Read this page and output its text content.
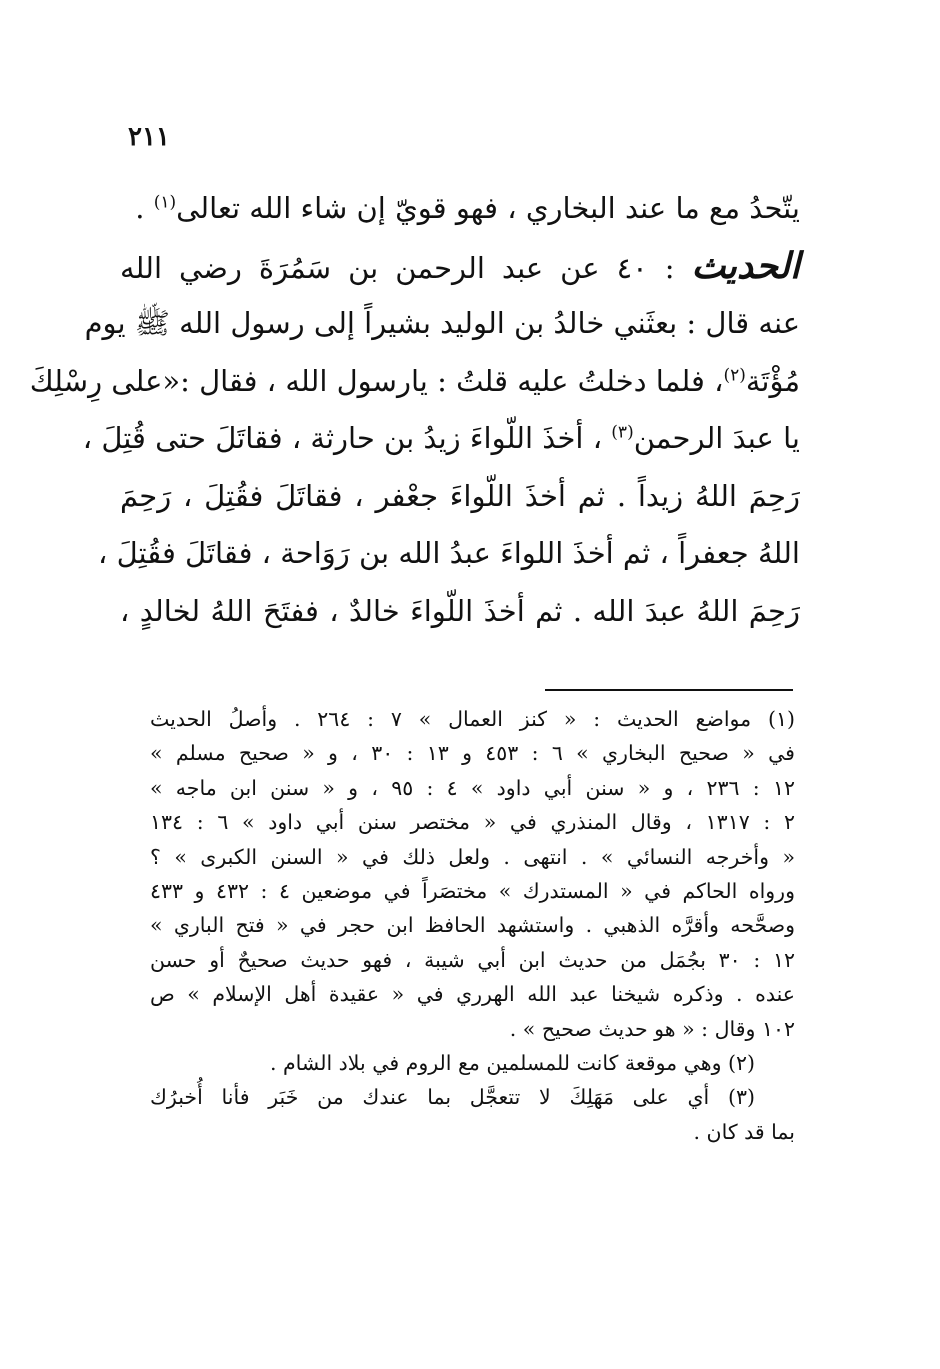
٢١١
يتّحدُ مع ما عند البخاري ، فهو قويّ إن شاء الله تعالى$^{(١)}$ .
الحديث : ٤٠ عن عبد الرحمن بن سَمُرَةَ رضي الله
عنه قال : بعثَني خالدُ بن الوليد بشيراً إلى رسول الله ﷺ يوم
مُؤْتَة$^{(٢)}$، فلما دخلتُ عليه قلتُ : يارسول الله ، فقال :«على رِسْلِكَ
يا عبدَ الرحمن$^{(٣)}$ ، أخذَ اللّواءَ زيدُ بن حارثة ، فقاتَلَ حتى قُتِلَ ،
رَحِمَ اللهُ زيداً . ثم أخذَ اللّواءَ جعْفر ، فقاتَلَ فقُتِلَ ، رَحِمَ
اللهُ جعفراً ، ثم أخذَ اللواءَ عبدُ الله بن رَوَاحة ، فقاتَلَ فقُتِلَ ،
رَحِمَ اللهُ عبدَ الله . ثم أخذَ اللّواءَ خالدٌ ، ففتَحَ اللهُ لخالدٍ ،
(١) مواضع الحديث : « كنز العمال » ٧ : ٢٦٤ . وأصلُ الحديث
في « صحيح البخاري » ٦ : ٤٥٣ و ١٣ : ٣٠ ، و « صحيح مسلم »
١٢ : ٢٣٦ ، و « سنن أبي داود » ٤ : ٩٥ ، و « سنن ابن ماجه »
٢ : ١٣١٧ ، وقال المنذري في « مختصر سنن أبي داود » ٦ : ١٣٤
« وأخرجه النسائي » . انتهى . ولعل ذلك في « السنن الكبرى » ؟
ورواه الحاكم في « المستدرك » مختصَراً في موضعين ٤ : ٤٣٢ و ٤٣٣
وصحَّحه وأقرَّه الذهبي . واستشهد الحافظ ابن حجر في « فتح الباري »
١٢ : ٣٠ بجُمَل من حديث ابن أبي شيبة ، فهو حديث صحيحٌ أو حسن
عنده . وذكره شيخنا عبد الله الهرري في « عقيدة أهل الإسلام » ص
١٠٢ وقال : « هو حديث صحيح » .
(٢) وهي موقعة كانت للمسلمين مع الروم في بلاد الشام .
(٣) أي على مَهَلِكَ لا تتعجَّل بما عندك من خَبَر فأنا أُخبرُك
بما قد كان .
